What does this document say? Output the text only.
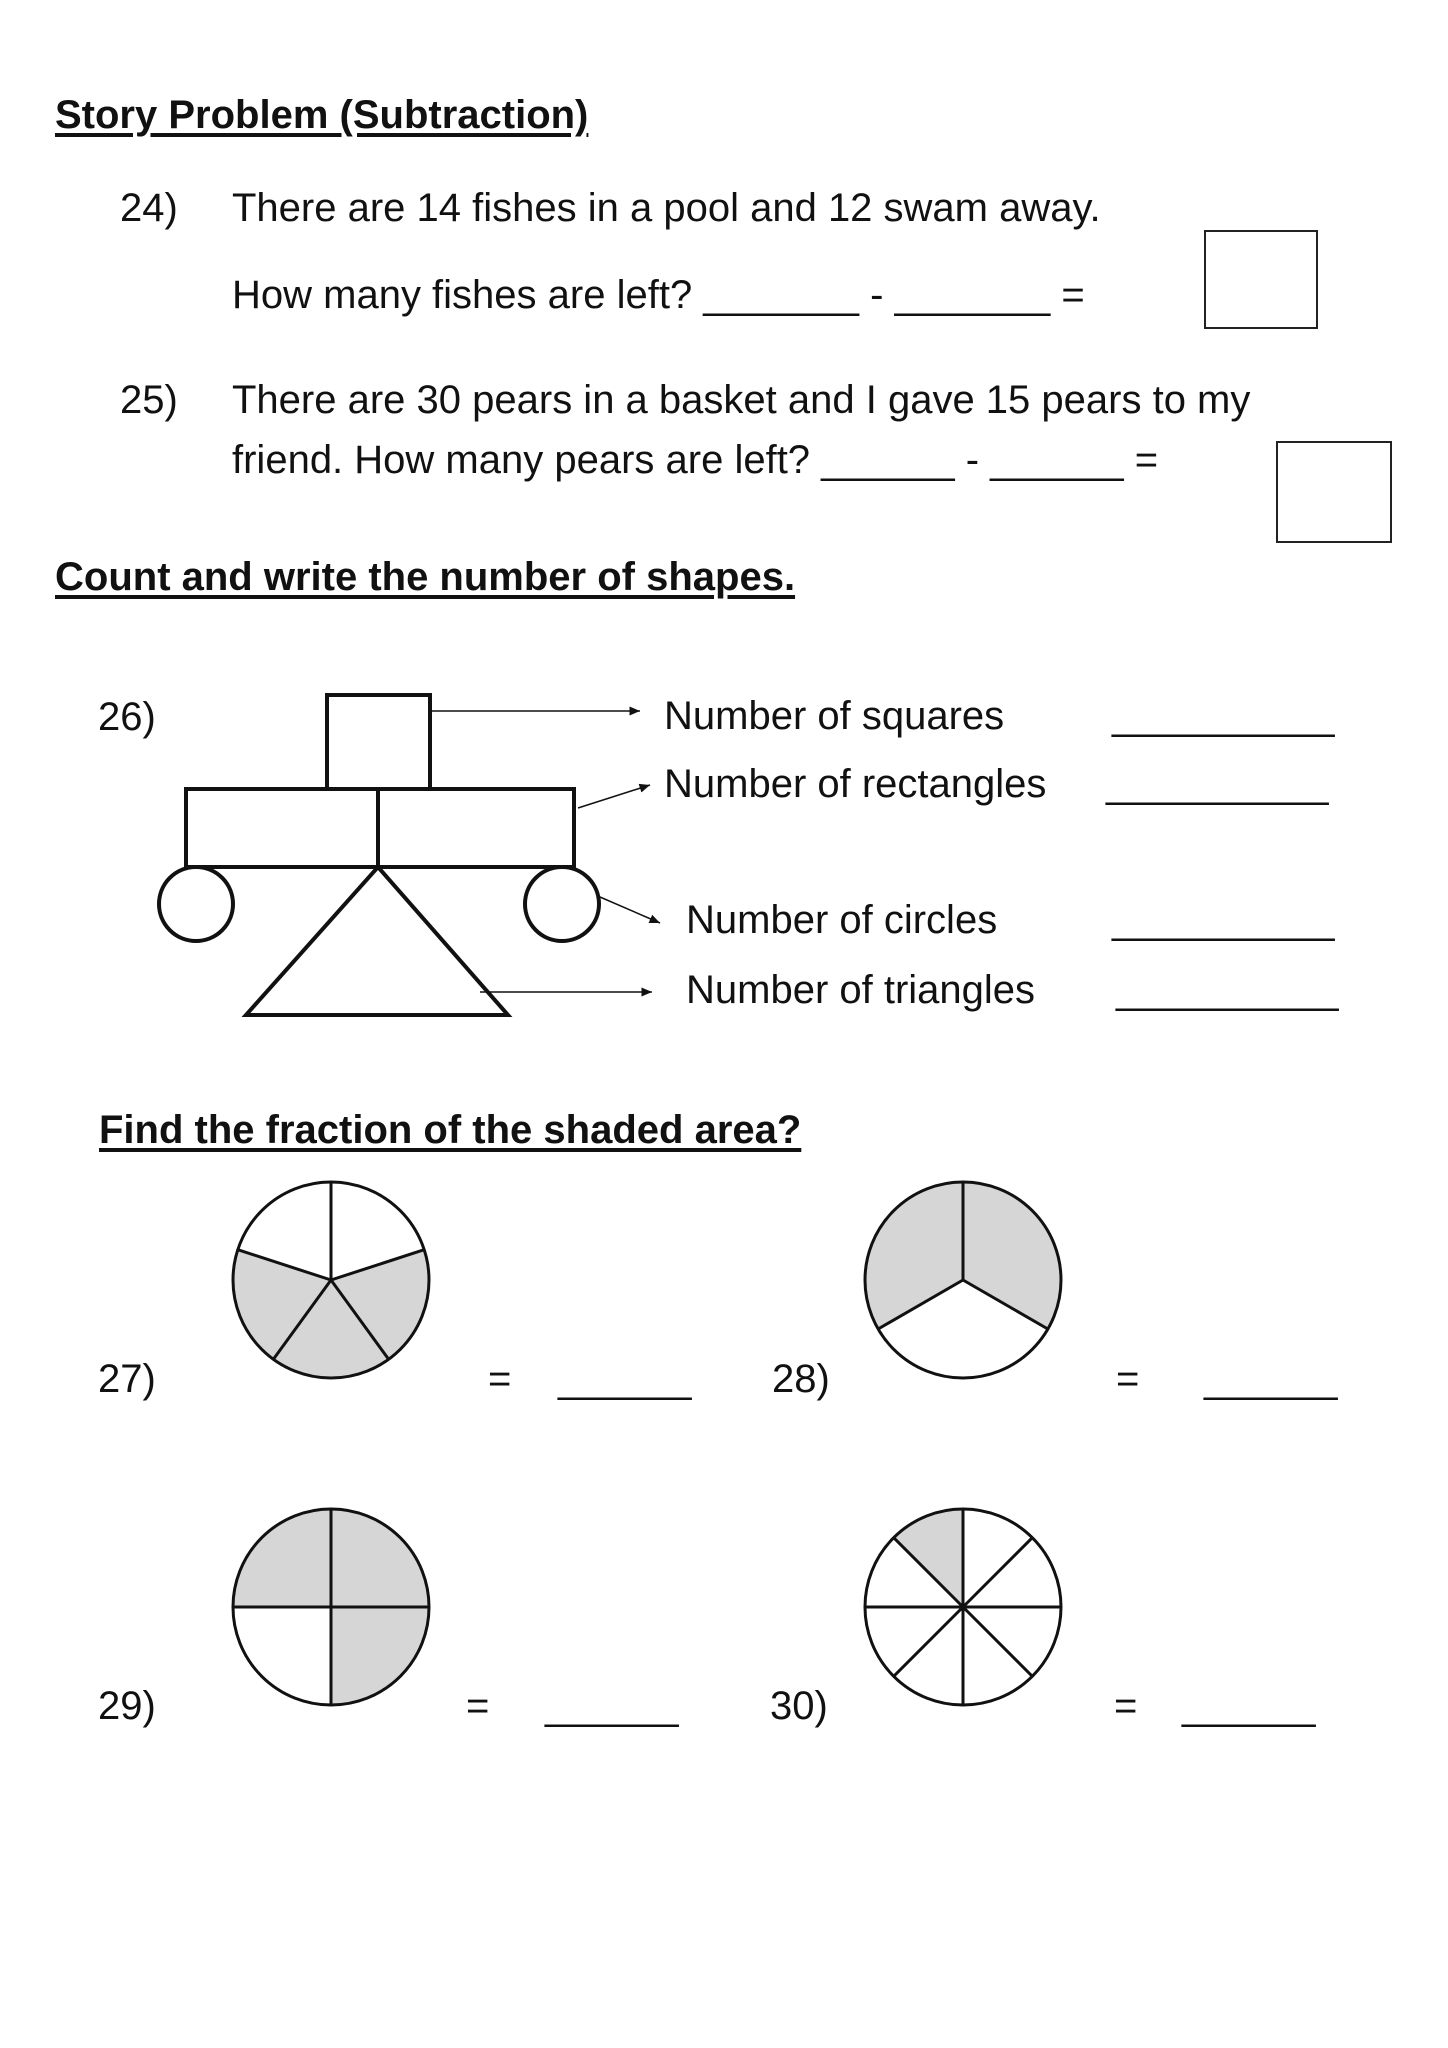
Story Problem (Subtraction)
24) There are 14 fishes in a pool and 12 swam away.
How many fishes are left? _______ - _______ =
25) There are 30 pears in a basket and I gave 15 pears to my
friend. How many pears are left? ______ - ______ =
Count and write the number of shapes.
26)	Number of squares	__________
Number of rectangles __________
Number of circles	__________
Number of triangles __________
Find the fraction of the shaded area?
27)	= ______ 28)	= ______
29)	= ______ 30)	= ______
